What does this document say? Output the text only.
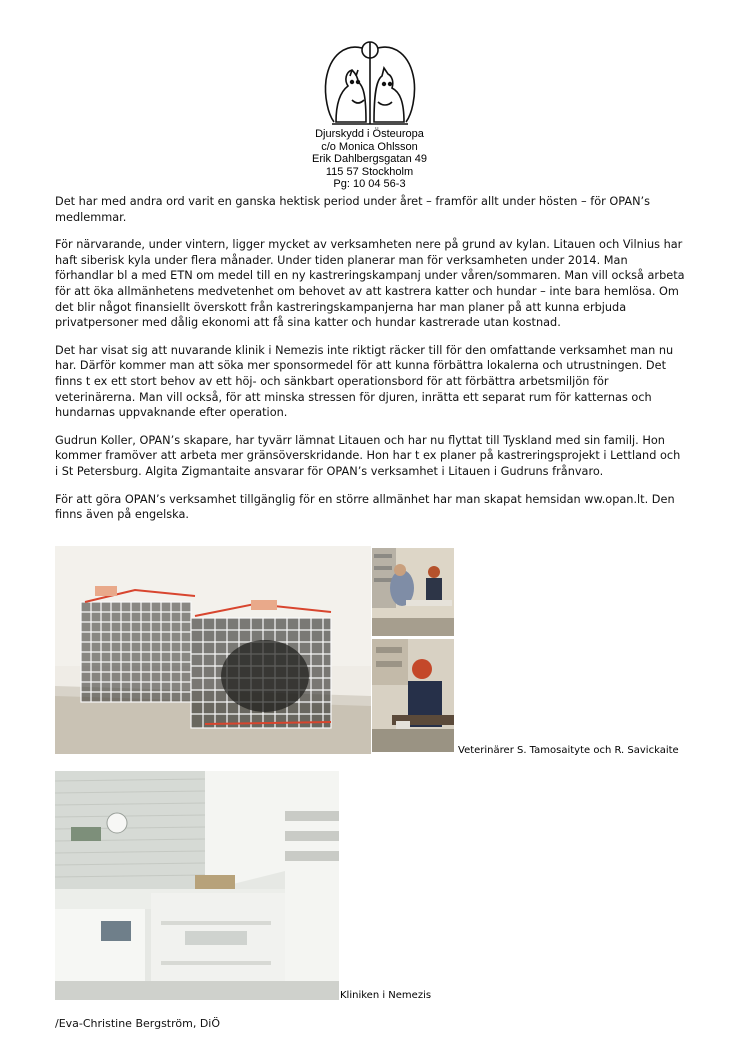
Djurskydd i Östeuropa
c/o Monica Ohlsson
Erik Dahlbergsgatan 49
115 57 Stockholm
Pg: 10 04 56-3

Det har med andra ord varit en ganska hektisk period under året – framför allt under hösten – för OPAN’s medlemmar.

För närvarande, under vintern, ligger mycket av verksamheten nere på grund av kylan. Litauen och Vilnius har haft siberisk kyla under flera månader. Under tiden planerar man för verksamheten under 2014. Man förhandlar bl a med ETN om medel till en ny kastreringskampanj under våren/sommaren. Man vill också arbeta för att öka allmänhetens medvetenhet om behovet av att kastrera katter och hundar – inte bara hemlösa. Om det blir något finansiellt överskott från kastreringskampanjerna har man planer på att kunna erbjuda privatpersoner med dålig ekonomi att få sina katter och hundar kastrerade utan kostnad.

Det har visat sig att nuvarande klinik i Nemezis inte riktigt räcker till för den omfattande verksamhet man nu har. Därför kommer man att söka mer sponsormedel för att kunna förbättra lokalerna och utrustningen. Det finns t ex ett stort behov av ett höj- och sänkbart operationsbord för att förbättra arbetsmiljön för veterinärerna. Man vill också, för att minska stressen för djuren, inrätta ett separat rum för katternas och hundarnas uppvaknande efter operation.

Gudrun Koller, OPAN’s skapare, har tyvärr lämnat Litauen och har nu flyttat till Tyskland med sin familj. Hon kommer framöver att arbeta mer gränsöverskridande. Hon har t ex planer på kastreringsprojekt i Lettland och i St Petersburg. Algita Zigmantaite ansvarar för OPAN’s verksamhet i Litauen i Gudruns frånvaro.

För att göra OPAN’s verksamhet tillgänglig för en större allmänhet har man skapat hemsidan ww.opan.lt. Den finns även på engelska.

Veterinärer S. Tamosaityte och R. Savickaite
Kliniken i Nemezis
/Eva-Christine Bergström, DiÖ
